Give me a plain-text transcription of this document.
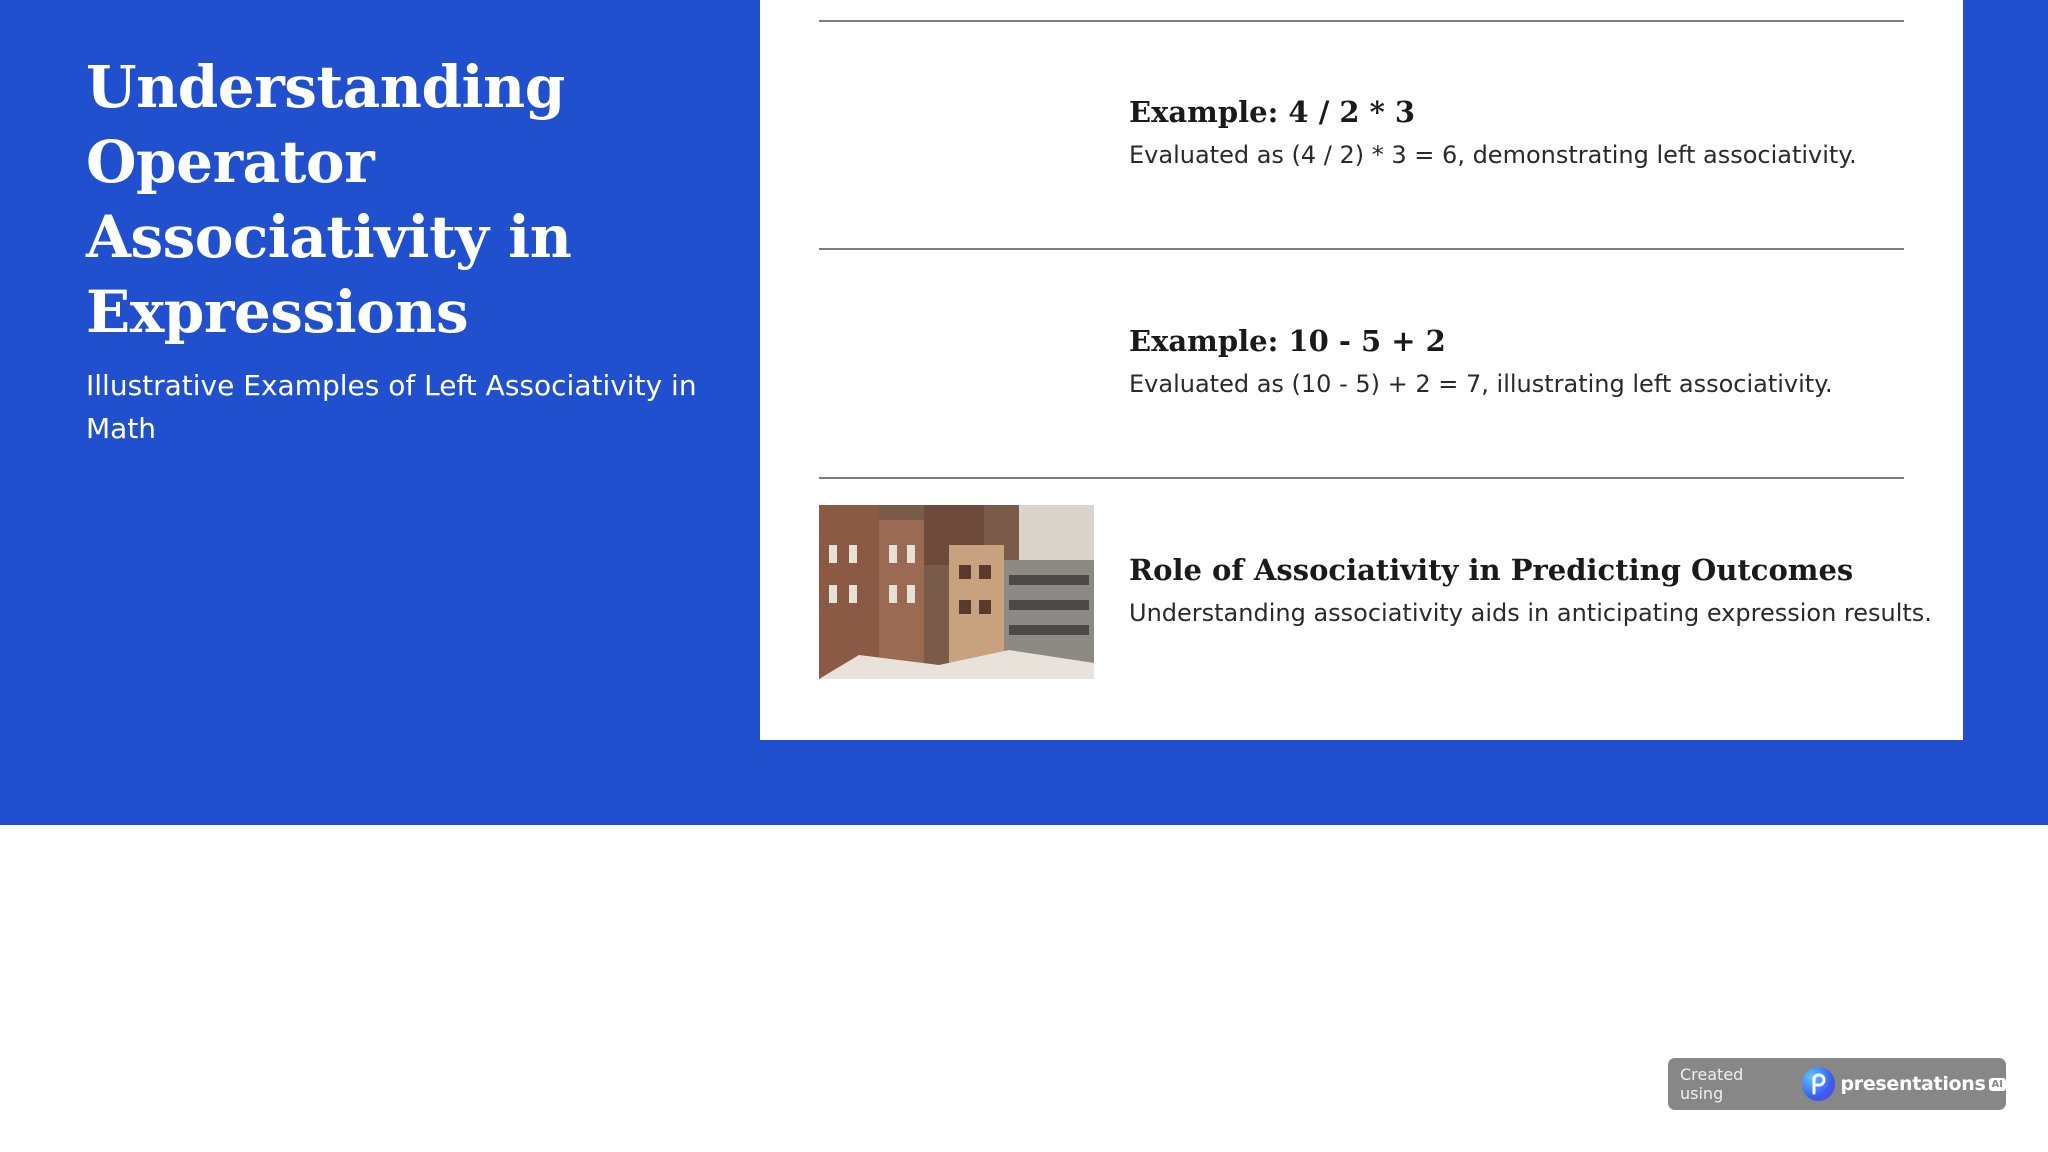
Understanding Operator Associativity in Expressions

Illustrative Examples of Left Associativity in Math

Example: 4 / 2 * 3
Evaluated as (4 / 2) * 3 = 6, demonstrating left associativity.
Example: 10 - 5 + 2
Evaluated as (10 - 5) + 2 = 7, illustrating left associativity.
Role of Associativity in Predicting Outcomes
Understanding associativity aids in anticipating expression results.
Created using	presentations AI
